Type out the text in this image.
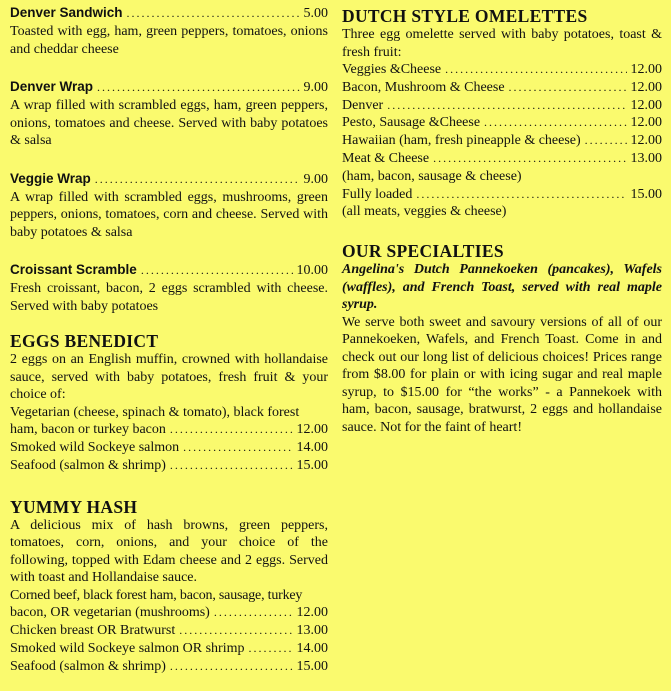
Denver Sandwich .....	5.00

Toasted with egg, ham, green peppers, tomatoes, onions and cheddar cheese

Denver Wrap .....	9.00

A wrap filled with scrambled eggs, ham, green peppers, onions, tomatoes and cheese. Served with baby potatoes & salsa

Veggie Wrap .....	9.00

A wrap filled with scrambled eggs, mushrooms, green peppers, onions, tomatoes, corn and cheese. Served with baby potatoes & salsa

Croissant Scramble .....	10.00

Fresh croissant, bacon, 2 eggs scrambled with cheese. Served with baby potatoes

EGGS BENEDICT

2 eggs on an English muffin, crowned with hollandaise sauce, served with baby potatoes, fresh fruit & your choice of:

Vegetarian (cheese, spinach & tomato), black forest
ham, bacon or turkey bacon .....	12.00
Smoked wild Sockeye salmon .....	14.00
Seafood (salmon & shrimp) .....	15.00
YUMMY HASH

A delicious mix of hash browns, green peppers, tomatoes, corn, onions, and your choice of the following, topped with Edam cheese and 2 eggs. Served with toast and Hollandaise sauce.

Corned beef, black forest ham, bacon, sausage, turkey
bacon, OR vegetarian (mushrooms) .....	12.00
Chicken breast OR Bratwurst .....	13.00
Smoked wild Sockeye salmon OR shrimp .....	14.00
Seafood (salmon & shrimp) .....	15.00
DUTCH STYLE OMELETTES

Three egg omelette served with baby potatoes, toast & fresh fruit:

Veggies &Cheese .....	12.00
Bacon, Mushroom & Cheese .....	12.00
Denver .....	12.00
Pesto, Sausage &Cheese .....	12.00
Hawaiian (ham, fresh pineapple & cheese) .....	12.00
Meat & Cheese .....	13.00
(ham, bacon, sausage & cheese)
Fully loaded .....	15.00
(all meats, veggies & cheese)
OUR SPECIALTIES

Angelina's Dutch Pannekoeken (pancakes), Wafels (waffles), and French Toast, served with real maple syrup.

We serve both sweet and savoury versions of all of our Pannekoeken, Wafels, and French Toast. Come in and check out our long list of delicious choices! Prices range from $8.00 for plain or with icing sugar and real maple syrup, to $15.00 for “the works” - a Pannekoek with ham, bacon, sausage, bratwurst, 2 eggs and hollandaise sauce. Not for the faint of heart!
